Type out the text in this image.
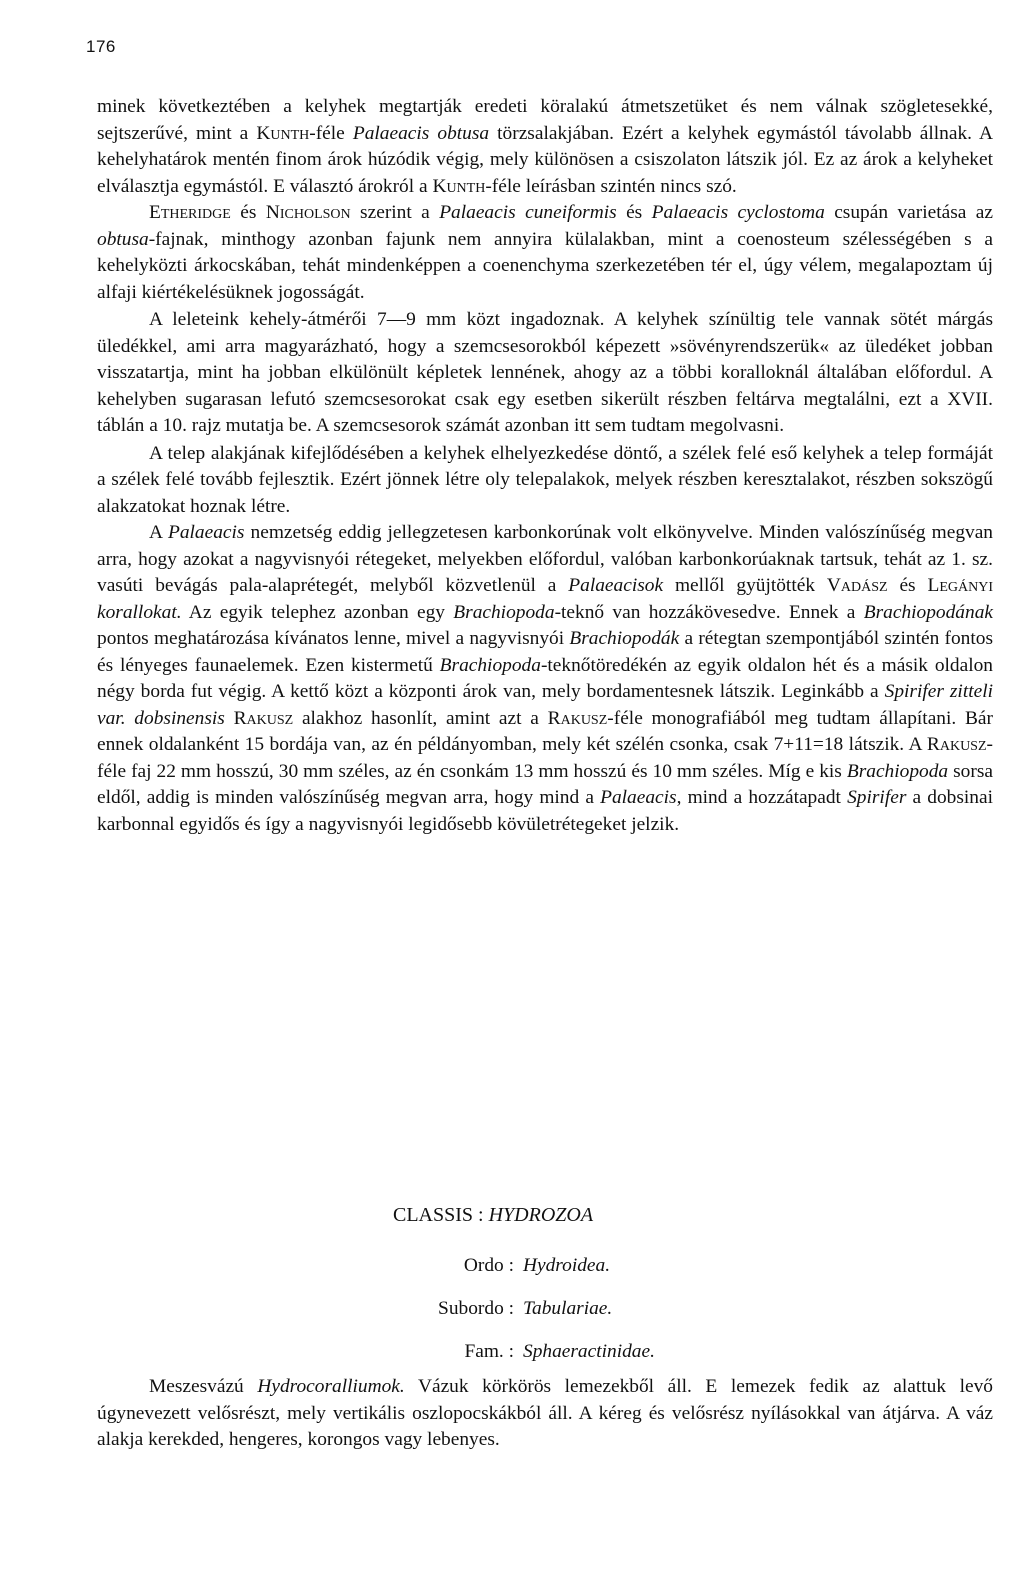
176

minek következtében a kelyhek megtartják eredeti köralakú átmetszetüket és nem válnak szögletesekké, sejtszerűvé, mint a Kunth-féle Palaeacis obtusa törzsalakjában. Ezért a kelyhek egymástól távolabb állnak. A kehelyhatárok mentén finom árok húzódik végig, mely különösen a csiszolaton látszik jól. Ez az árok a kelyheket elválasztja egymástól. E választó árokról a Kunth-féle leírásban szintén nincs szó.

Etheridge és Nicholson szerint a Palaeacis cuneiformis és Palaeacis cyclostoma csupán varietása az obtusa-fajnak, minthogy azonban fajunk nem annyira külalakban, mint a coenosteum szélességében s a kehelyközti árkocskában, tehát mindenképpen a coenenchyma szerkezetében tér el, úgy vélem, megalapoztam új alfaji kiértékelésüknek jogosságát.

A leleteink kehely-átmérői 7—9 mm közt ingadoznak. A kelyhek színültig tele vannak sötét márgás üledékkel, ami arra magyarázható, hogy a szemcsesorokból képezett »sövényrendszerük« az üledéket jobban visszatartja, mint ha jobban elkülönült képletek lennének, ahogy az a többi koralloknál általában előfordul. A kehelyben sugarasan lefutó szemcsesorokat csak egy esetben sikerült részben feltárva megtalálni, ezt a XVII. táblán a 10. rajz mutatja be. A szemcsesorok számát azonban itt sem tudtam megolvasni.

A telep alakjának kifejlődésében a kelyhek elhelyezkedése döntő, a szélek felé eső kelyhek a telep formáját a szélek felé tovább fejlesztik. Ezért jönnek létre oly telepalakok, melyek részben keresztalakot, részben sokszögű alakzatokat hoznak létre.

A Palaeacis nemzetség eddig jellegzetesen karbonkorúnak volt elkönyvelve. Minden valószínűség megvan arra, hogy azokat a nagyvisnyói rétegeket, melyekben előfordul, valóban karbonkorúaknak tartsuk, tehát az 1. sz. vasúti bevágás pala-alaprétegét, melyből közvetlenül a Palaeacisok mellől gyüjtötték Vadász és Legányi korallokat. Az egyik telephez azonban egy Brachiopoda-teknő van hozzákövesedve. Ennek a Brachiopodának pontos meghatározása kívánatos lenne, mivel a nagyvisnyói Brachiopodák a rétegtan szempontjából szintén fontos és lényeges faunaelemek. Ezen kistermetű Brachiopoda-teknőtöredékén az egyik oldalon hét és a másik oldalon négy borda fut végig. A kettő közt a központi árok van, mely bordamentesnek látszik. Leginkább a Spirifer zitteli var. dobsinensis Rakusz alakhoz hasonlít, amint azt a Rakusz-féle monografiából meg tudtam állapítani. Bár ennek oldalanként 15 bordája van, az én példányomban, mely két szélén csonka, csak 7+11=18 látszik. A Rakusz-féle faj 22 mm hosszú, 30 mm széles, az én csonkám 13 mm hosszú és 10 mm széles. Míg e kis Brachiopoda sorsa eldől, addig is minden valószínűség megvan arra, hogy mind a Palaeacis, mind a hozzátapadt Spirifer a dobsinai karbonnal egyidős és így a nagyvisnyói legidősebb kövületrétegeket jelzik.

CLASSIS : HYDROZOA
Ordo : Hydroidea.
Subordo : Tabulariae.
Fam. : Sphaeractinidae.

Meszesvázú Hydrocoralliumok. Vázuk körkörös lemezekből áll. E lemezek fedik az alattuk levő úgynevezett velősrészt, mely vertikális oszlopocskákból áll. A kéreg és velősrész nyílásokkal van átjárva. A váz alakja kerekded, hengeres, korongos vagy lebenyes.
